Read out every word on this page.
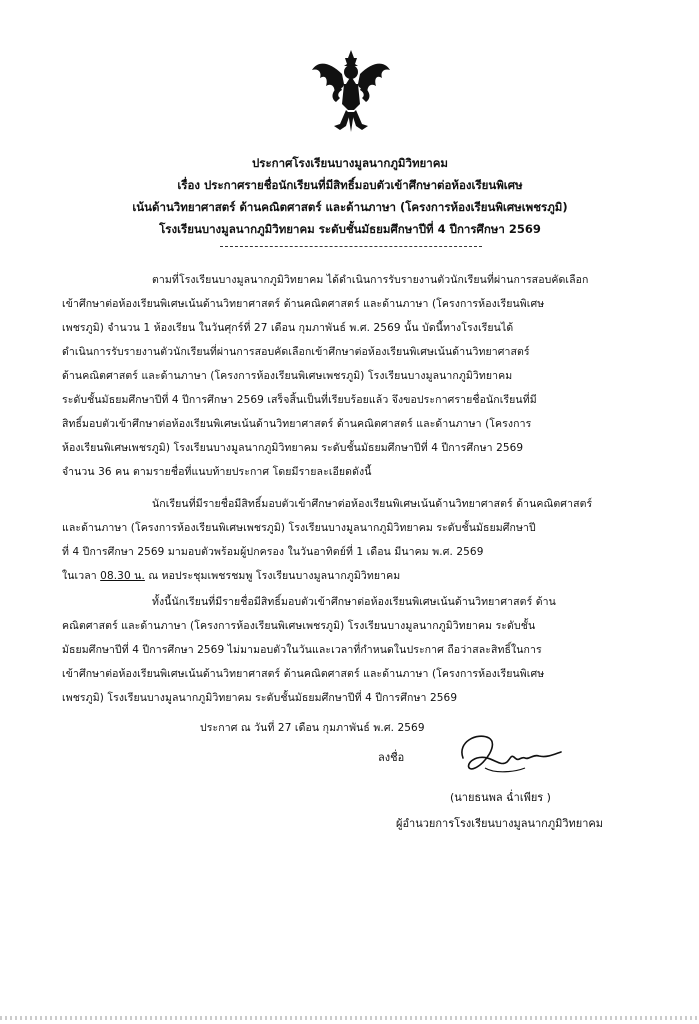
ประกาศโรงเรียนบางมูลนากภูมิวิทยาคม
เรื่อง ประกาศรายชื่อนักเรียนที่มีสิทธิ์มอบตัวเข้าศึกษาต่อห้องเรียนพิเศษ
เน้นด้านวิทยาศาสตร์ ด้านคณิตศาสตร์ และด้านภาษา (โครงการห้องเรียนพิเศษเพชรภูมิ)
โรงเรียนบางมูลนากภูมิวิทยาคม ระดับชั้นมัธยมศึกษาปีที่ 4 ปีการศึกษา 2569
ตามที่โรงเรียนบางมูลนากภูมิวิทยาคม ได้ดำเนินการรับรายงานตัวนักเรียนที่ผ่านการสอบคัดเลือก
เข้าศึกษาต่อห้องเรียนพิเศษเน้นด้านวิทยาศาสตร์ ด้านคณิตศาสตร์ และด้านภาษา (โครงการห้องเรียนพิเศษ
เพชรภูมิ) จำนวน 1 ห้องเรียน ในวันศุกร์ที่ 27 เดือน กุมภาพันธ์ พ.ศ. 2569 นั้น บัดนี้ทางโรงเรียนได้
ดำเนินการรับรายงานตัวนักเรียนที่ผ่านการสอบคัดเลือกเข้าศึกษาต่อห้องเรียนพิเศษเน้นด้านวิทยาศาสตร์
ด้านคณิตศาสตร์ และด้านภาษา (โครงการห้องเรียนพิเศษเพชรภูมิ) โรงเรียนบางมูลนากภูมิวิทยาคม
ระดับชั้นมัธยมศึกษาปีที่ 4 ปีการศึกษา 2569 เสร็จสิ้นเป็นที่เรียบร้อยแล้ว จึงขอประกาศรายชื่อนักเรียนที่มี
สิทธิ์มอบตัวเข้าศึกษาต่อห้องเรียนพิเศษเน้นด้านวิทยาศาสตร์ ด้านคณิตศาสตร์ และด้านภาษา (โครงการ
ห้องเรียนพิเศษเพชรภูมิ) โรงเรียนบางมูลนากภูมิวิทยาคม ระดับชั้นมัธยมศึกษาปีที่ 4 ปีการศึกษา 2569
จำนวน 36 คน ตามรายชื่อที่แนบท้ายประกาศ โดยมีรายละเอียดดังนี้
นักเรียนที่มีรายชื่อมีสิทธิ์มอบตัวเข้าศึกษาต่อห้องเรียนพิเศษเน้นด้านวิทยาศาสตร์ ด้านคณิตศาสตร์
และด้านภาษา (โครงการห้องเรียนพิเศษเพชรภูมิ) โรงเรียนบางมูลนากภูมิวิทยาคม ระดับชั้นมัธยมศึกษาปี
ที่ 4 ปีการศึกษา 2569 มามอบตัวพร้อมผู้ปกครอง ในวันอาทิตย์ที่ 1 เดือน มีนาคม พ.ศ. 2569
ในเวลา 08.30 น. ณ หอประชุมเพชรชมพู โรงเรียนบางมูลนากภูมิวิทยาคม
ทั้งนี้นักเรียนที่มีรายชื่อมีสิทธิ์มอบตัวเข้าศึกษาต่อห้องเรียนพิเศษเน้นด้านวิทยาศาสตร์ ด้าน
คณิตศาสตร์ และด้านภาษา (โครงการห้องเรียนพิเศษเพชรภูมิ) โรงเรียนบางมูลนากภูมิวิทยาคม ระดับชั้น
มัธยมศึกษาปีที่ 4 ปีการศึกษา 2569 ไม่มามอบตัวในวันและเวลาที่กำหนดในประกาศ ถือว่าสละสิทธิ์ในการ
เข้าศึกษาต่อห้องเรียนพิเศษเน้นด้านวิทยาศาสตร์ ด้านคณิตศาสตร์ และด้านภาษา (โครงการห้องเรียนพิเศษ
เพชรภูมิ) โรงเรียนบางมูลนากภูมิวิทยาคม ระดับชั้นมัธยมศึกษาปีที่ 4 ปีการศึกษา 2569
ประกาศ ณ วันที่ 27 เดือน กุมภาพันธ์ พ.ศ. 2569
ลงชื่อ
(นายธนพล ฉ่ำเพียร )
ผู้อำนวยการโรงเรียนบางมูลนากภูมิวิทยาคม
